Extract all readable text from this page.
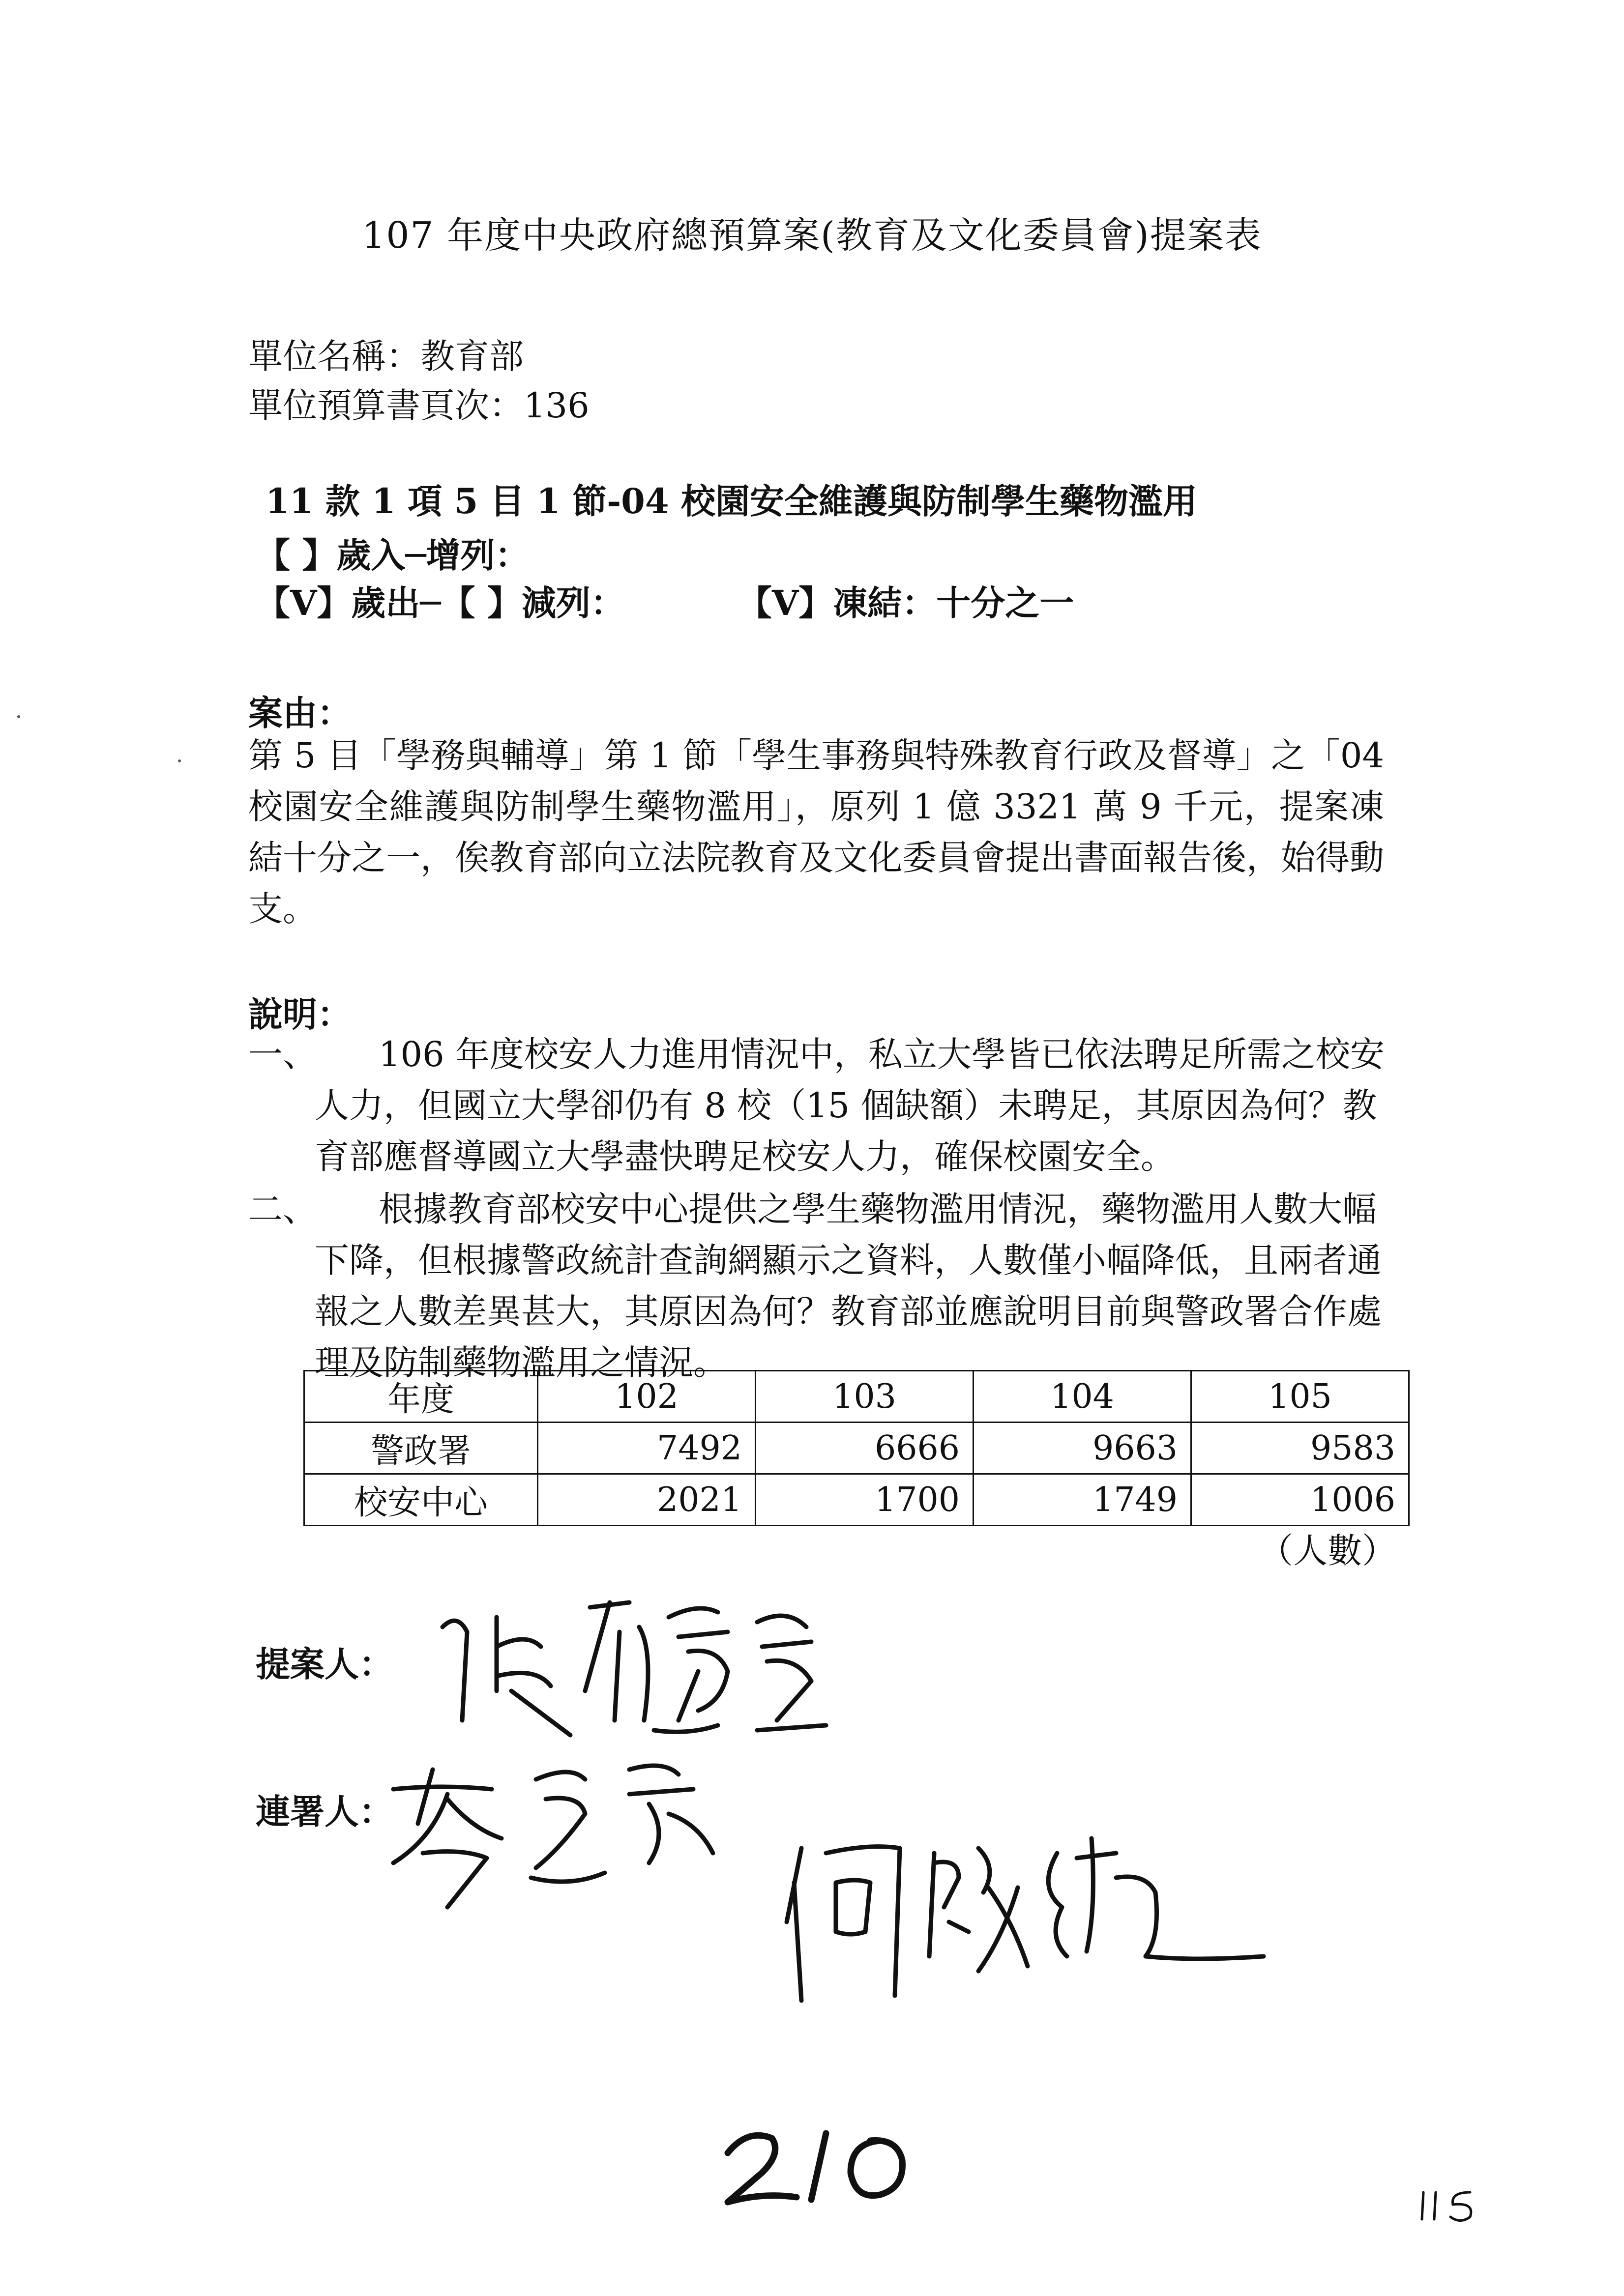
107 年度中央政府總預算案(教育及文化委員會)提案表
單位名稱：教育部
單位預算書頁次：136
11 款 1 項 5 目 1 節-04 校園安全維護與防制學生藥物濫用
【 】歲入─增列：
【V】歲出─【 】減列：	【V】凍結：十分之一
案由：
第 5 目「學務與輔導」第 1 節「學生事務與特殊教育行政及督導」之「04 校園安全維護與防制學生藥物濫用」，原列 1 億 3321 萬 9 千元，提案凍結十分之一，俟教育部向立法院教育及文化委員會提出書面報告後，始得動支。
說明：
一、	106 年度校安人力進用情況中，私立大學皆已依法聘足所需之校安人力，但國立大學卻仍有 8 校（15 個缺額）未聘足，其原因為何？教育部應督導國立大學盡快聘足校安人力，確保校園安全。
二、	根據教育部校安中心提供之學生藥物濫用情況，藥物濫用人數大幅下降，但根據警政統計查詢網顯示之資料，人數僅小幅降低，且兩者通報之人數差異甚大，其原因為何？教育部並應說明目前與警政署合作處理及防制藥物濫用之情況。
年度	102	103	104	105
警政署	7492	6666	9663	9583
校安中心	2021	1700	1749	1006
（人數）
提案人：
連署人：
